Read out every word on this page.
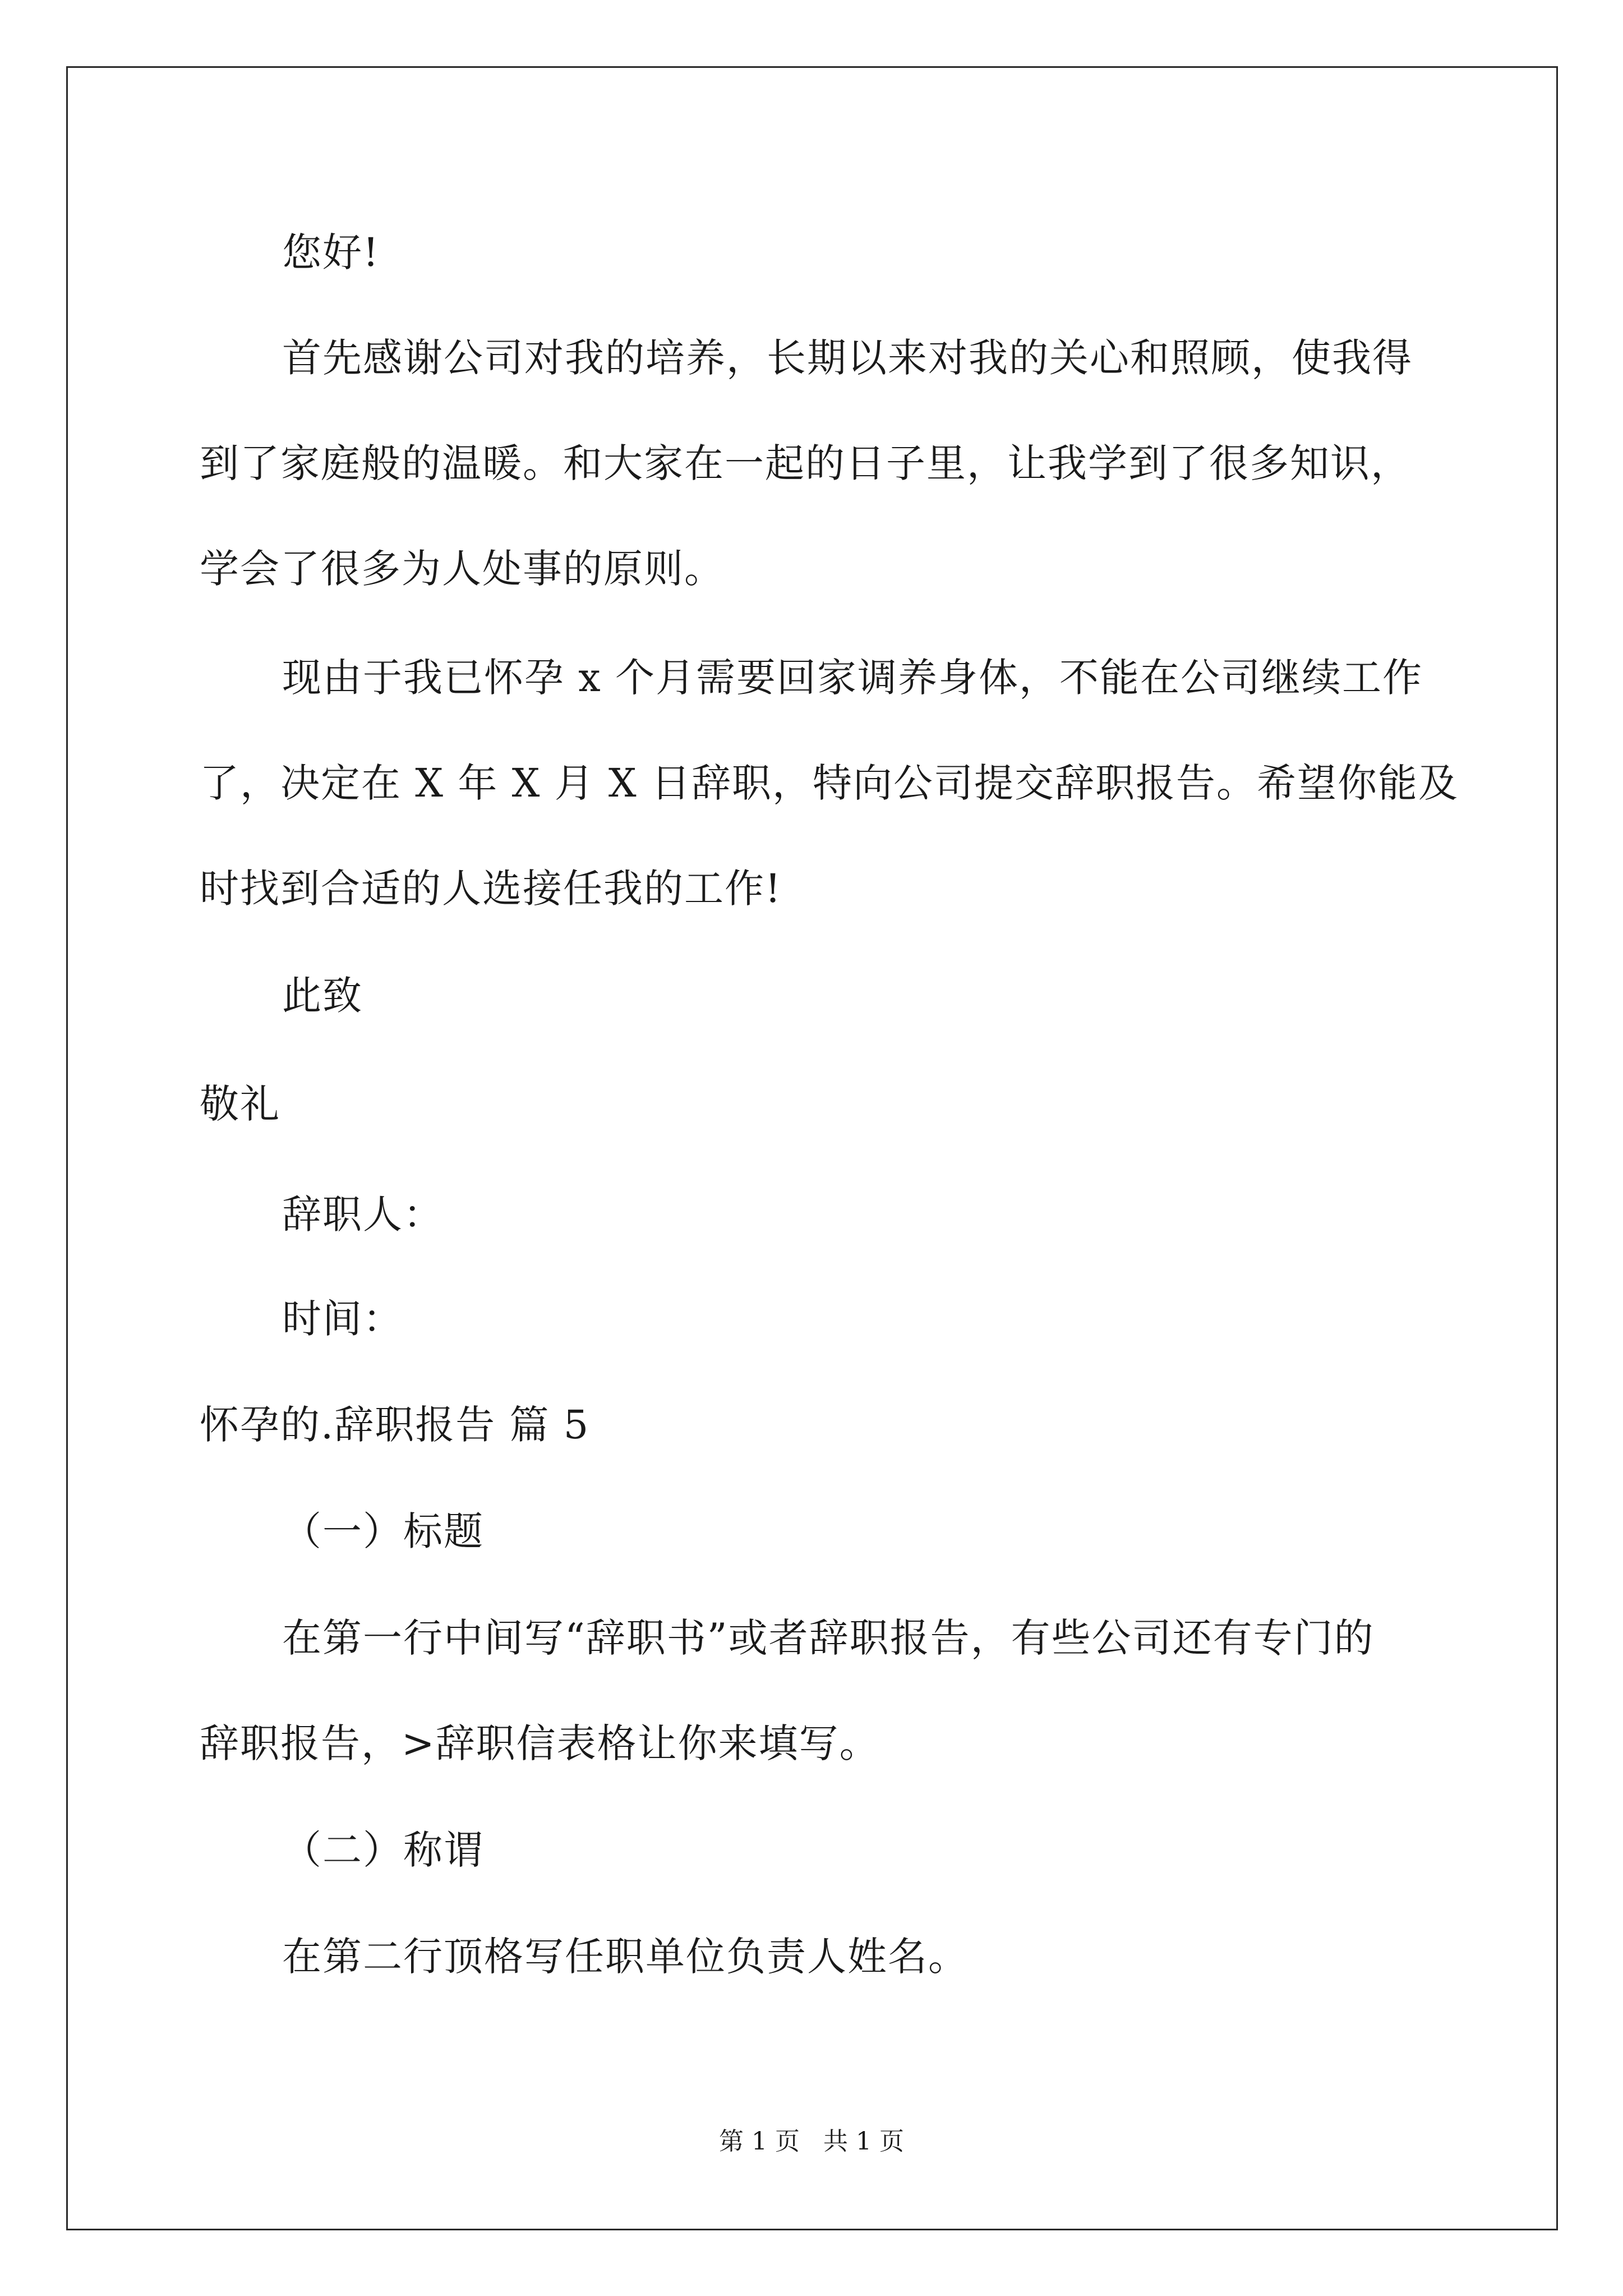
您好!
首先感谢公司对我的培养，长期以来对我的关心和照顾，使我得
到了家庭般的温暖。和大家在一起的日子里，让我学到了很多知识，
学会了很多为人处事的原则。
现由于我已怀孕 x 个月需要回家调养身体，不能在公司继续工作
了，决定在 X 年 X 月 X 日辞职，特向公司提交辞职报告。希望你能及
时找到合适的人选接任我的工作!
此致
敬礼
辞职人：
时间：
怀孕的.辞职报告 篇 5
（一）标题
在第一行中间写“辞职书”或者辞职报告，有些公司还有专门的
辞职报告，>辞职信表格让你来填写。
（二）称谓
在第二行顶格写任职单位负责人姓名。
第 1 页   共 1 页
